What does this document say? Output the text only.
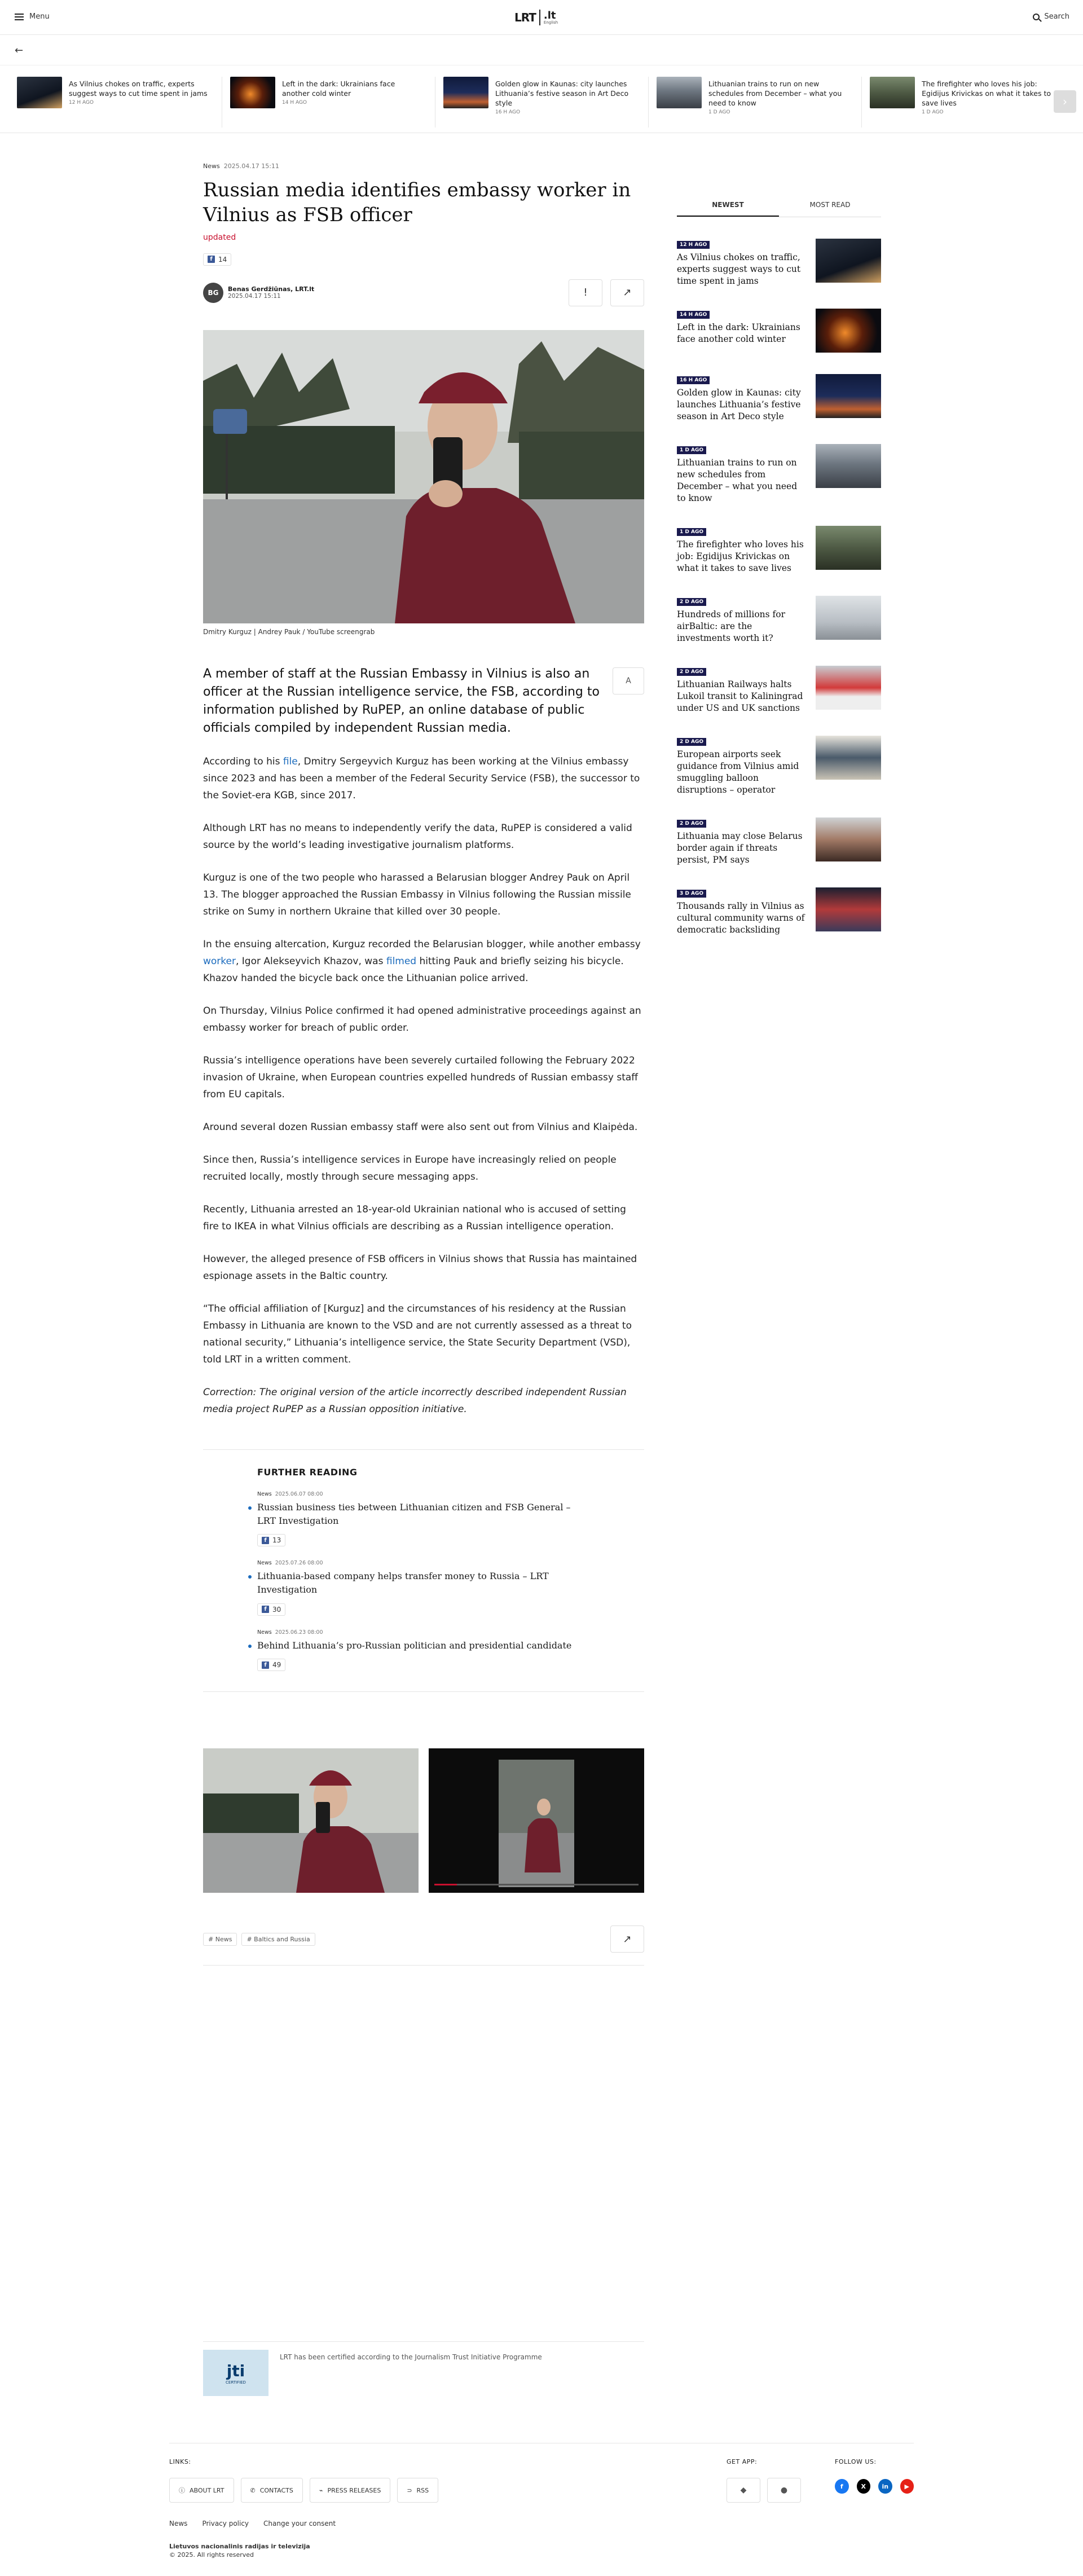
Menu	LRT .lt
English
Search
←
As Vilnius chokes on traffic, experts suggest ways to cut time spent in jams
12 H AGO
Left in the dark: Ukrainians face another cold winter
14 H AGO
Golden glow in Kaunas: city launches Lithuania’s festive season in Art Deco style
16 H AGO
Lithuanian trains to run on new schedules from December – what you need to know
1 D AGO
The firefighter who loves his job: Egidijus Krivickas on what it takes to save lives
1 D AGO
›
News 2025.04.17 15:11
Russian media identifies embassy worker in Vilnius as FSB officer
updated
f 14
BG	Benas Gerdžiūnas, LRT.lt
2025.04.17 15:11	!	↗
Dmitry Kurguz | Andrey Pauk / YouTube screengrab
A member of staff at the Russian Embassy in Vilnius is also an officer at the Russian intelligence service, the FSB, according to information published by RuPEP, an online database of public officials compiled by independent Russian media.
A

According to his file, Dmitry Sergeyvich Kurguz has been working at the Vilnius embassy since 2023 and has been a member of the Federal Security Service (FSB), the successor to the Soviet-era KGB, since 2017.

Although LRT has no means to independently verify the data, RuPEP is considered a valid source by the world’s leading investigative journalism platforms.

Kurguz is one of the two people who harassed a Belarusian blogger Andrey Pauk on April 13. The blogger approached the Russian Embassy in Vilnius following the Russian missile strike on Sumy in northern Ukraine that killed over 30 people.

In the ensuing altercation, Kurguz recorded the Belarusian blogger, while another embassy worker, Igor Alekseyvich Khazov, was filmed hitting Pauk and briefly seizing his bicycle. Khazov handed the bicycle back once the Lithuanian police arrived.

On Thursday, Vilnius Police confirmed it had opened administrative proceedings against an embassy worker for breach of public order.

Russia’s intelligence operations have been severely curtailed following the February 2022 invasion of Ukraine, when European countries expelled hundreds of Russian embassy staff from EU capitals.

Around several dozen Russian embassy staff were also sent out from Vilnius and Klaipėda.

Since then, Russia’s intelligence services in Europe have increasingly relied on people recruited locally, mostly through secure messaging apps.

Recently, Lithuania arrested an 18-year-old Ukrainian national who is accused of setting fire to IKEA in what Vilnius officials are describing as a Russian intelligence operation.

However, the alleged presence of FSB officers in Vilnius shows that Russia has maintained espionage assets in the Baltic country.

“The official affiliation of [Kurguz] and the circumstances of his residency at the Russian Embassy in Lithuania are known to the VSD and are not currently assessed as a threat to national security,” Lithuania’s intelligence service, the State Security Department (VSD), told LRT in a written comment.

Correction: The original version of the article incorrectly described independent Russian media project RuPEP as a Russian opposition initiative.

FURTHER READING
News 2025.06.07 08:00
Russian business ties between Lithuanian citizen and FSB General – LRT Investigation
f 13
News 2025.07.26 08:00
Lithuania-based company helps transfer money to Russia – LRT Investigation
f 30
News 2025.06.23 08:00
Behind Lithuania’s pro-Russian politician and presidential candidate
f 49
# News	# Baltics and Russia	↗
jti
CERTIFIED
LRT has been certified according to the Journalism Trust Initiative Programme
NEWEST	MOST READ
12 H AGO
As Vilnius chokes on traffic, experts suggest ways to cut time spent in jams
14 H AGO
Left in the dark: Ukrainians face another cold winter
16 H AGO
Golden glow in Kaunas: city launches Lithuania’s festive season in Art Deco style
1 D AGO
Lithuanian trains to run on new schedules from December – what you need to know
1 D AGO
The firefighter who loves his job: Egidijus Krivickas on what it takes to save lives
2 D AGO
Hundreds of millions for airBaltic: are the investments worth it?
2 D AGO
Lithuanian Railways halts Lukoil transit to Kaliningrad under US and UK sanctions
2 D AGO
European airports seek guidance from Vilnius amid smuggling balloon disruptions – operator
2 D AGO
Lithuania may close Belarus border again if threats persist, PM says
3 D AGO
Thousands rally in Vilnius as cultural community warns of democratic backsliding
LINKS:
ⓘ ABOUT LRT	✆ CONTACTS	⌁ PRESS RELEASES	⊃ RSS
GET APP:
◆	●
FOLLOW US:
f	X	in	▶
News Privacy policy Change your consent
Lietuvos nacionalinis radijas ir televizija
© 2025. All rights reserved
